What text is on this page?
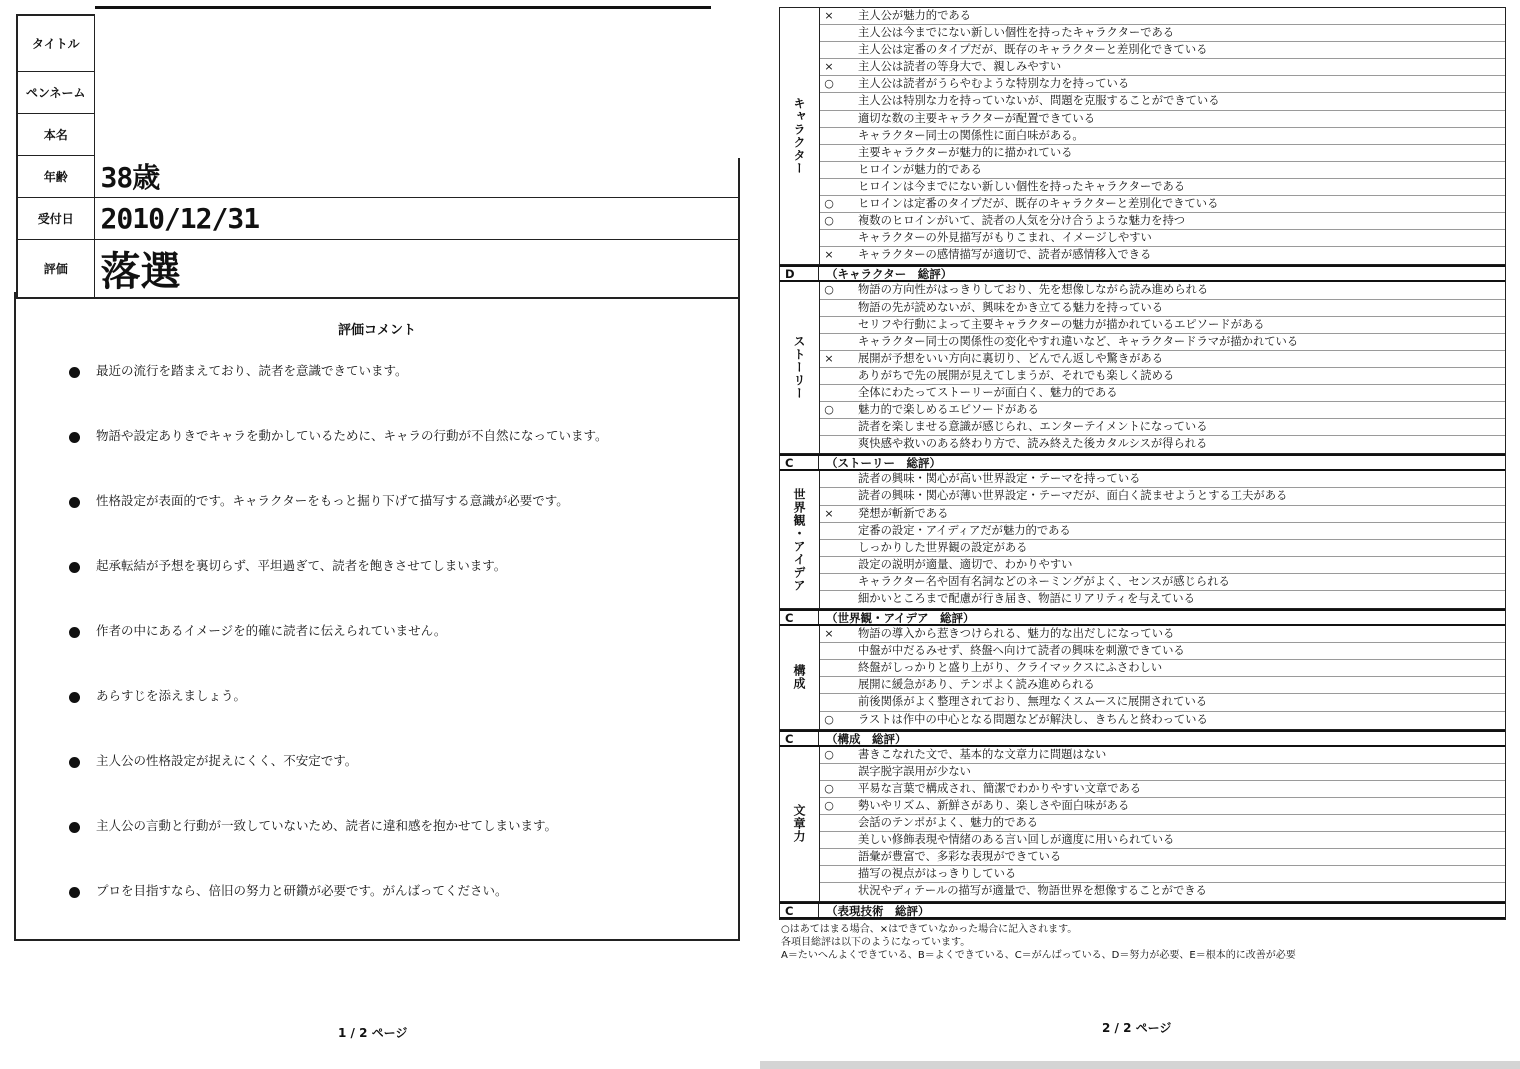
タイトル	
ペンネーム	
本名	
年齢	38歳
受付日	2010/12/31
評価	落選
評価コメント
最近の流行を踏まえており、読者を意識できています。
物語や設定ありきでキャラを動かしているために、キャラの行動が不自然になっています。
性格設定が表面的です。キャラクターをもっと掘り下げて描写する意識が必要です。
起承転結が予想を裏切らず、平坦過ぎて、読者を飽きさせてしまいます。
作者の中にあるイメージを的確に読者に伝えられていません。
あらすじを添えましょう。
主人公の性格設定が捉えにくく、不安定です。
主人公の言動と行動が一致していないため、読者に違和感を抱かせてしまいます。
プロを目指すなら、倍旧の努力と研鑽が必要です。がんばってください。
1 / 2 ページ
キャラクター
× 主人公が魅力的である
主人公は今までにない新しい個性を持ったキャラクターである
主人公は定番のタイプだが、既存のキャラクターと差別化できている
× 主人公は読者の等身大で、親しみやすい
○ 主人公は読者がうらやむような特別な力を持っている
主人公は特別な力を持っていないが、問題を克服することができている
適切な数の主要キャラクターが配置できている
キャラクター同士の関係性に面白味がある。
主要キャラクターが魅力的に描かれている
ヒロインが魅力的である
ヒロインは今までにない新しい個性を持ったキャラクターである
○ ヒロインは定番のタイプだが、既存のキャラクターと差別化できている
○ 複数のヒロインがいて、読者の人気を分け合うような魅力を持つ
キャラクターの外見描写がもりこまれ、イメージしやすい
× キャラクターの感情描写が適切で、読者が感情移入できる
D	（キャラクター　総評）
ストーリー
○ 物語の方向性がはっきりしており、先を想像しながら読み進められる
物語の先が読めないが、興味をかき立てる魅力を持っている
セリフや行動によって主要キャラクターの魅力が描かれているエピソードがある
キャラクター同士の関係性の変化やすれ違いなど、キャラクタードラマが描かれている
× 展開が予想をいい方向に裏切り、どんでん返しや驚きがある
ありがちで先の展開が見えてしまうが、それでも楽しく読める
全体にわたってストーリーが面白く、魅力的である
○ 魅力的で楽しめるエピソードがある
読者を楽しませる意識が感じられ、エンターテイメントになっている
爽快感や救いのある終わり方で、読み終えた後カタルシスが得られる
C	（ストーリー　総評）
世界観・アイデア
読者の興味・関心が高い世界設定・テーマを持っている
読者の興味・関心が薄い世界設定・テーマだが、面白く読ませようとする工夫がある
× 発想が斬新である
定番の設定・アイディアだが魅力的である
しっかりした世界観の設定がある
設定の説明が適量、適切で、わかりやすい
キャラクター名や固有名詞などのネーミングがよく、センスが感じられる
細かいところまで配慮が行き届き、物語にリアリティを与えている
C	（世界観・アイデア　総評）
構成
× 物語の導入から惹きつけられる、魅力的な出だしになっている
中盤が中だるみせず、終盤へ向けて読者の興味を刺激できている
終盤がしっかりと盛り上がり、クライマックスにふさわしい
展開に緩急があり、テンポよく読み進められる
前後関係がよく整理されており、無理なくスムースに展開されている
○ ラストは作中の中心となる問題などが解決し、きちんと終わっている
C	（構成　総評）
文章力
○ 書きこなれた文で、基本的な文章力に問題はない
誤字脱字誤用が少ない
○ 平易な言葉で構成され、簡潔でわかりやすい文章である
○ 勢いやリズム、新鮮さがあり、楽しさや面白味がある
会話のテンポがよく、魅力的である
美しい修飾表現や情緒のある言い回しが適度に用いられている
語彙が豊富で、多彩な表現ができている
描写の視点がはっきりしている
状況やディテールの描写が適量で、物語世界を想像することができる
C	（表現技術　総評）
○はあてはまる場合、×はできていなかった場合に記入されます。
各項目総評は以下のようになっています。
A＝たいへんよくできている、B＝よくできている、C＝がんばっている、D＝努力が必要、E＝根本的に改善が必要
2 / 2 ページ
